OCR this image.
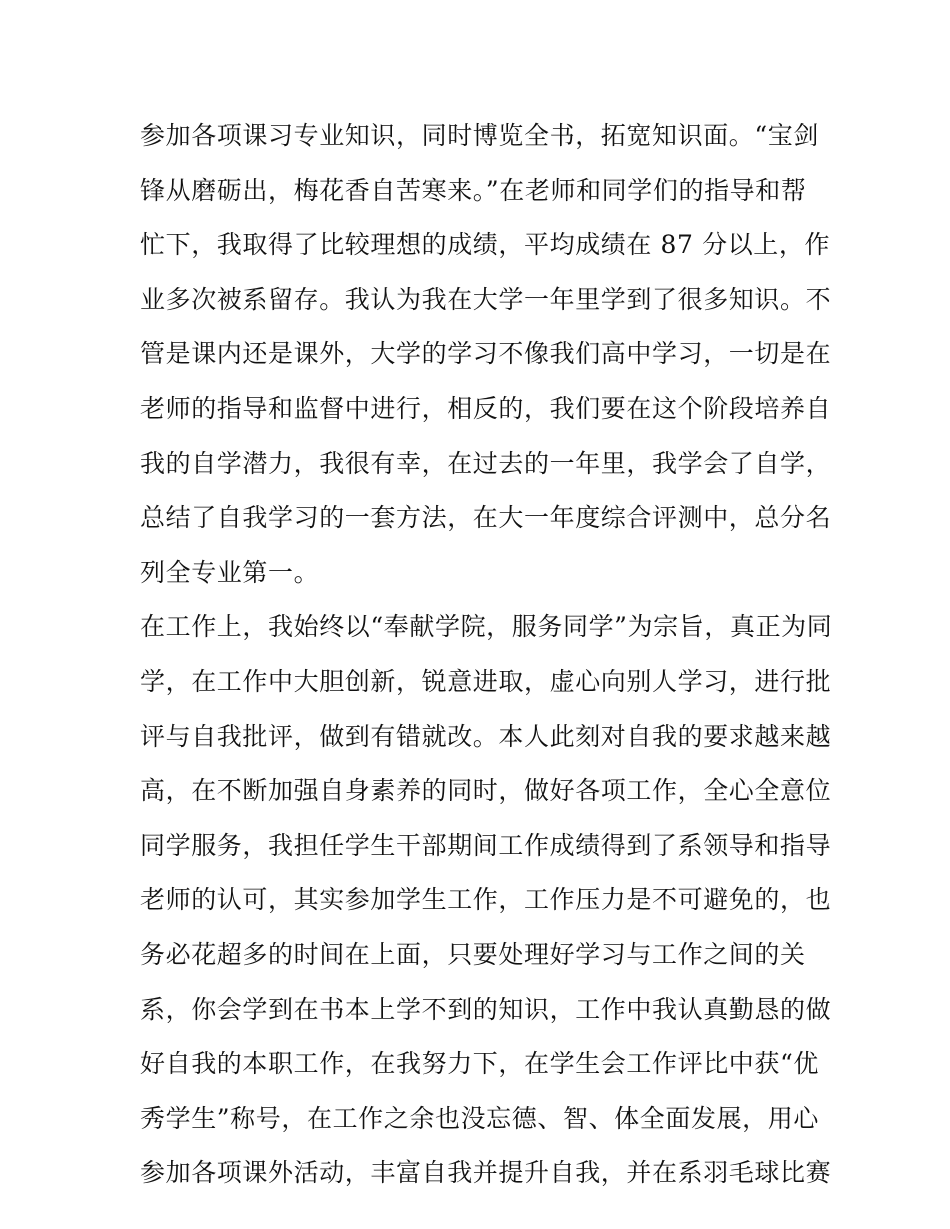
参加各项课习专业知识，同时博览全书，拓宽知识面。“宝剑
锋从磨砺出，梅花香自苦寒来。”在老师和同学们的指导和帮
忙下，我取得了比较理想的成绩，平均成绩在 87 分以上，作
业多次被系留存。我认为我在大学一年里学到了很多知识。不
管是课内还是课外，大学的学习不像我们高中学习，一切是在
老师的指导和监督中进行，相反的，我们要在这个阶段培养自
我的自学潜力，我很有幸，在过去的一年里，我学会了自学，
总结了自我学习的一套方法，在大一年度综合评测中，总分名
列全专业第一。
在工作上，我始终以“奉献学院，服务同学”为宗旨，真正为同
学，在工作中大胆创新，锐意进取，虚心向别人学习，进行批
评与自我批评，做到有错就改。本人此刻对自我的要求越来越
高，在不断加强自身素养的同时，做好各项工作，全心全意位
同学服务，我担任学生干部期间工作成绩得到了系领导和指导
老师的认可，其实参加学生工作，工作压力是不可避免的，也
务必花超多的时间在上面，只要处理好学习与工作之间的关
系，你会学到在书本上学不到的知识，工作中我认真勤恳的做
好自我的本职工作，在我努力下，在学生会工作评比中获“优
秀学生”称号，在工作之余也没忘德、智、体全面发展，用心
参加各项课外活动，丰富自我并提升自我，并在系羽毛球比赛
